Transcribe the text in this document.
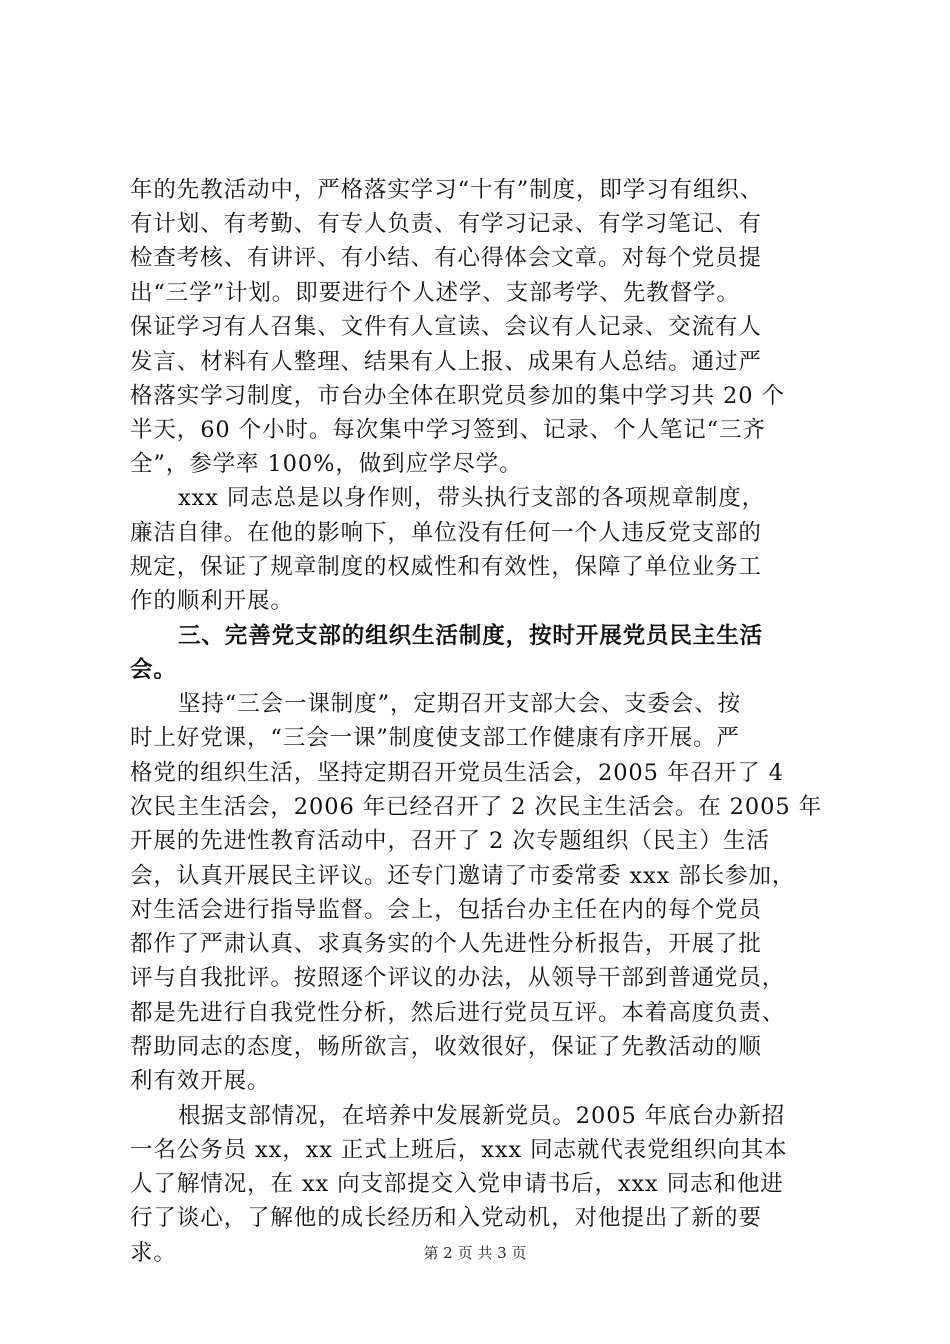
年的先教活动中，严格落实学习“十有”制度，即学习有组织、
有计划、有考勤、有专人负责、有学习记录、有学习笔记、有
检查考核、有讲评、有小结、有心得体会文章。对每个党员提
出“三学”计划。即要进行个人述学、支部考学、先教督学。
保证学习有人召集、文件有人宣读、会议有人记录、交流有人
发言、材料有人整理、结果有人上报、成果有人总结。通过严
格落实学习制度，市台办全体在职党员参加的集中学习共 20 个
半天，60 个小时。每次集中学习签到、记录、个人笔记“三齐
全”，参学率 100%，做到应学尽学。
xxx 同志总是以身作则，带头执行支部的各项规章制度，
廉洁自律。在他的影响下，单位没有任何一个人违反党支部的
规定，保证了规章制度的权威性和有效性，保障了单位业务工
作的顺利开展。
三、完善党支部的组织生活制度，按时开展党员民主生活
会。
坚持“三会一课制度”，定期召开支部大会、支委会、按
时上好党课，“三会一课”制度使支部工作健康有序开展。严
格党的组织生活，坚持定期召开党员生活会，2005 年召开了 4
次民主生活会，2006 年已经召开了 2 次民主生活会。在 2005 年
开展的先进性教育活动中，召开了 2 次专题组织（民主）生活
会，认真开展民主评议。还专门邀请了市委常委 xxx 部长参加，
对生活会进行指导监督。会上，包括台办主任在内的每个党员
都作了严肃认真、求真务实的个人先进性分析报告，开展了批
评与自我批评。按照逐个评议的办法，从领导干部到普通党员，
都是先进行自我党性分析，然后进行党员互评。本着高度负责、
帮助同志的态度，畅所欲言，收效很好，保证了先教活动的顺
利有效开展。
根据支部情况，在培养中发展新党员。2005 年底台办新招
一名公务员 xx，xx 正式上班后，xxx 同志就代表党组织向其本
人了解情况，在 xx 向支部提交入党申请书后，xxx 同志和他进
行了谈心，了解他的成长经历和入党动机，对他提出了新的要
求。	第 2 页 共 3 页
